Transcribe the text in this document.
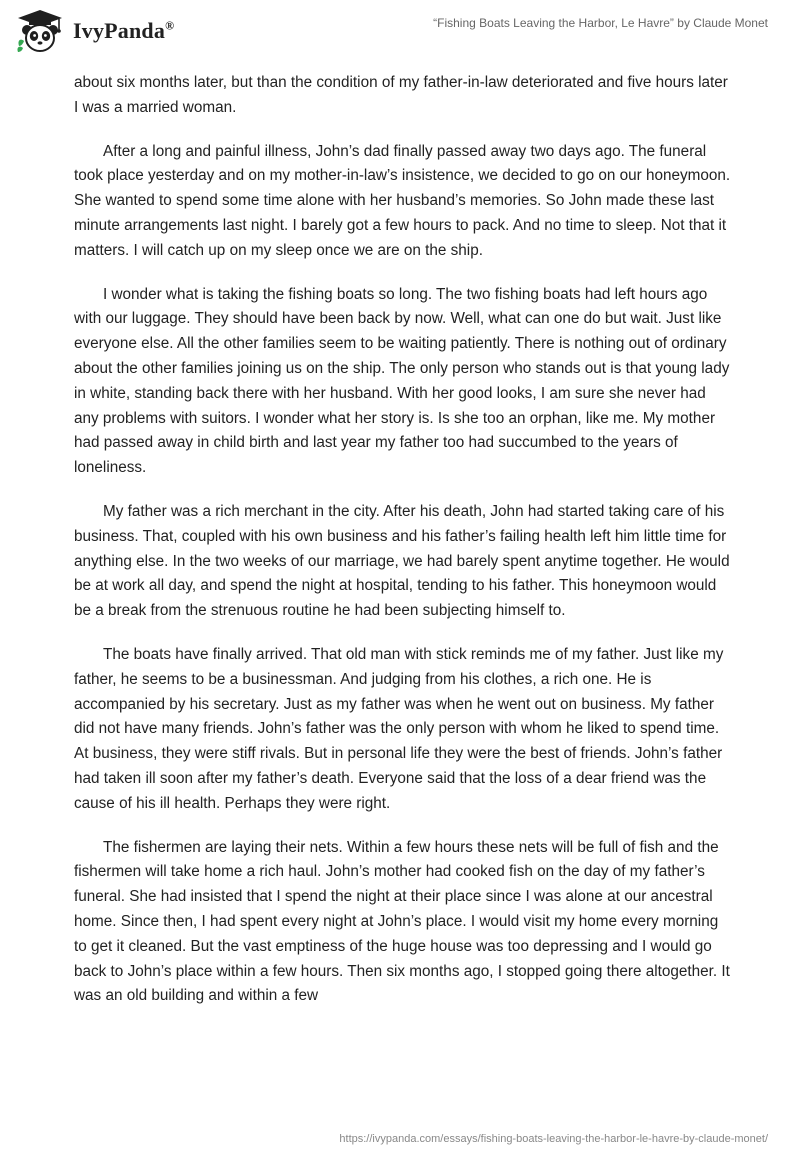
IvyPanda®	“Fishing Boats Leaving the Harbor, Le Havre” by Claude Monet

about six months later, but than the condition of my father-in-law deteriorated and five hours later I was a married woman.

After a long and painful illness, John’s dad finally passed away two days ago. The funeral took place yesterday and on my mother-in-law’s insistence, we decided to go on our honeymoon. She wanted to spend some time alone with her husband’s memories. So John made these last minute arrangements last night. I barely got a few hours to pack. And no time to sleep. Not that it matters. I will catch up on my sleep once we are on the ship.

I wonder what is taking the fishing boats so long. The two fishing boats had left hours ago with our luggage. They should have been back by now. Well, what can one do but wait. Just like everyone else. All the other families seem to be waiting patiently. There is nothing out of ordinary about the other families joining us on the ship. The only person who stands out is that young lady in white, standing back there with her husband. With her good looks, I am sure she never had any problems with suitors. I wonder what her story is. Is she too an orphan, like me. My mother had passed away in child birth and last year my father too had succumbed to the years of loneliness.

My father was a rich merchant in the city. After his death, John had started taking care of his business. That, coupled with his own business and his father’s failing health left him little time for anything else. In the two weeks of our marriage, we had barely spent anytime together. He would be at work all day, and spend the night at hospital, tending to his father. This honeymoon would be a break from the strenuous routine he had been subjecting himself to.

The boats have finally arrived. That old man with stick reminds me of my father. Just like my father, he seems to be a businessman. And judging from his clothes, a rich one. He is accompanied by his secretary. Just as my father was when he went out on business. My father did not have many friends. John’s father was the only person with whom he liked to spend time. At business, they were stiff rivals. But in personal life they were the best of friends. John’s father had taken ill soon after my father’s death. Everyone said that the loss of a dear friend was the cause of his ill health. Perhaps they were right.

The fishermen are laying their nets. Within a few hours these nets will be full of fish and the fishermen will take home a rich haul. John’s mother had cooked fish on the day of my father’s funeral. She had insisted that I spend the night at their place since I was alone at our ancestral home. Since then, I had spent every night at John’s place. I would visit my home every morning to get it cleaned. But the vast emptiness of the huge house was too depressing and I would go back to John’s place within a few hours. Then six months ago, I stopped going there altogether. It was an old building and within a few

https://ivypanda.com/essays/fishing-boats-leaving-the-harbor-le-havre-by-claude-monet/
